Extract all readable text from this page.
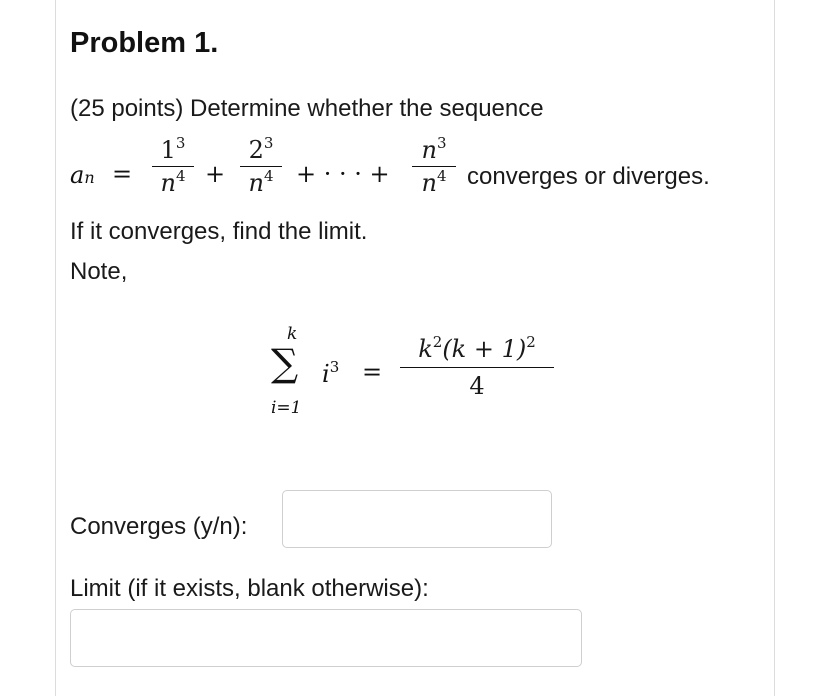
Problem 1.
(25 points) Determine whether the sequence
an =
$1^3$
$n^4$ +
$2^3$
$n^4$ + · · · +
$n^3$
$n^4$ converges or diverges.
If it converges, find the limit.
Note,
k
∑
i=1
$i^3$ =
$k^2(k + 1)^2$
4
Converges (y/n):
Limit (if it exists, blank otherwise):
